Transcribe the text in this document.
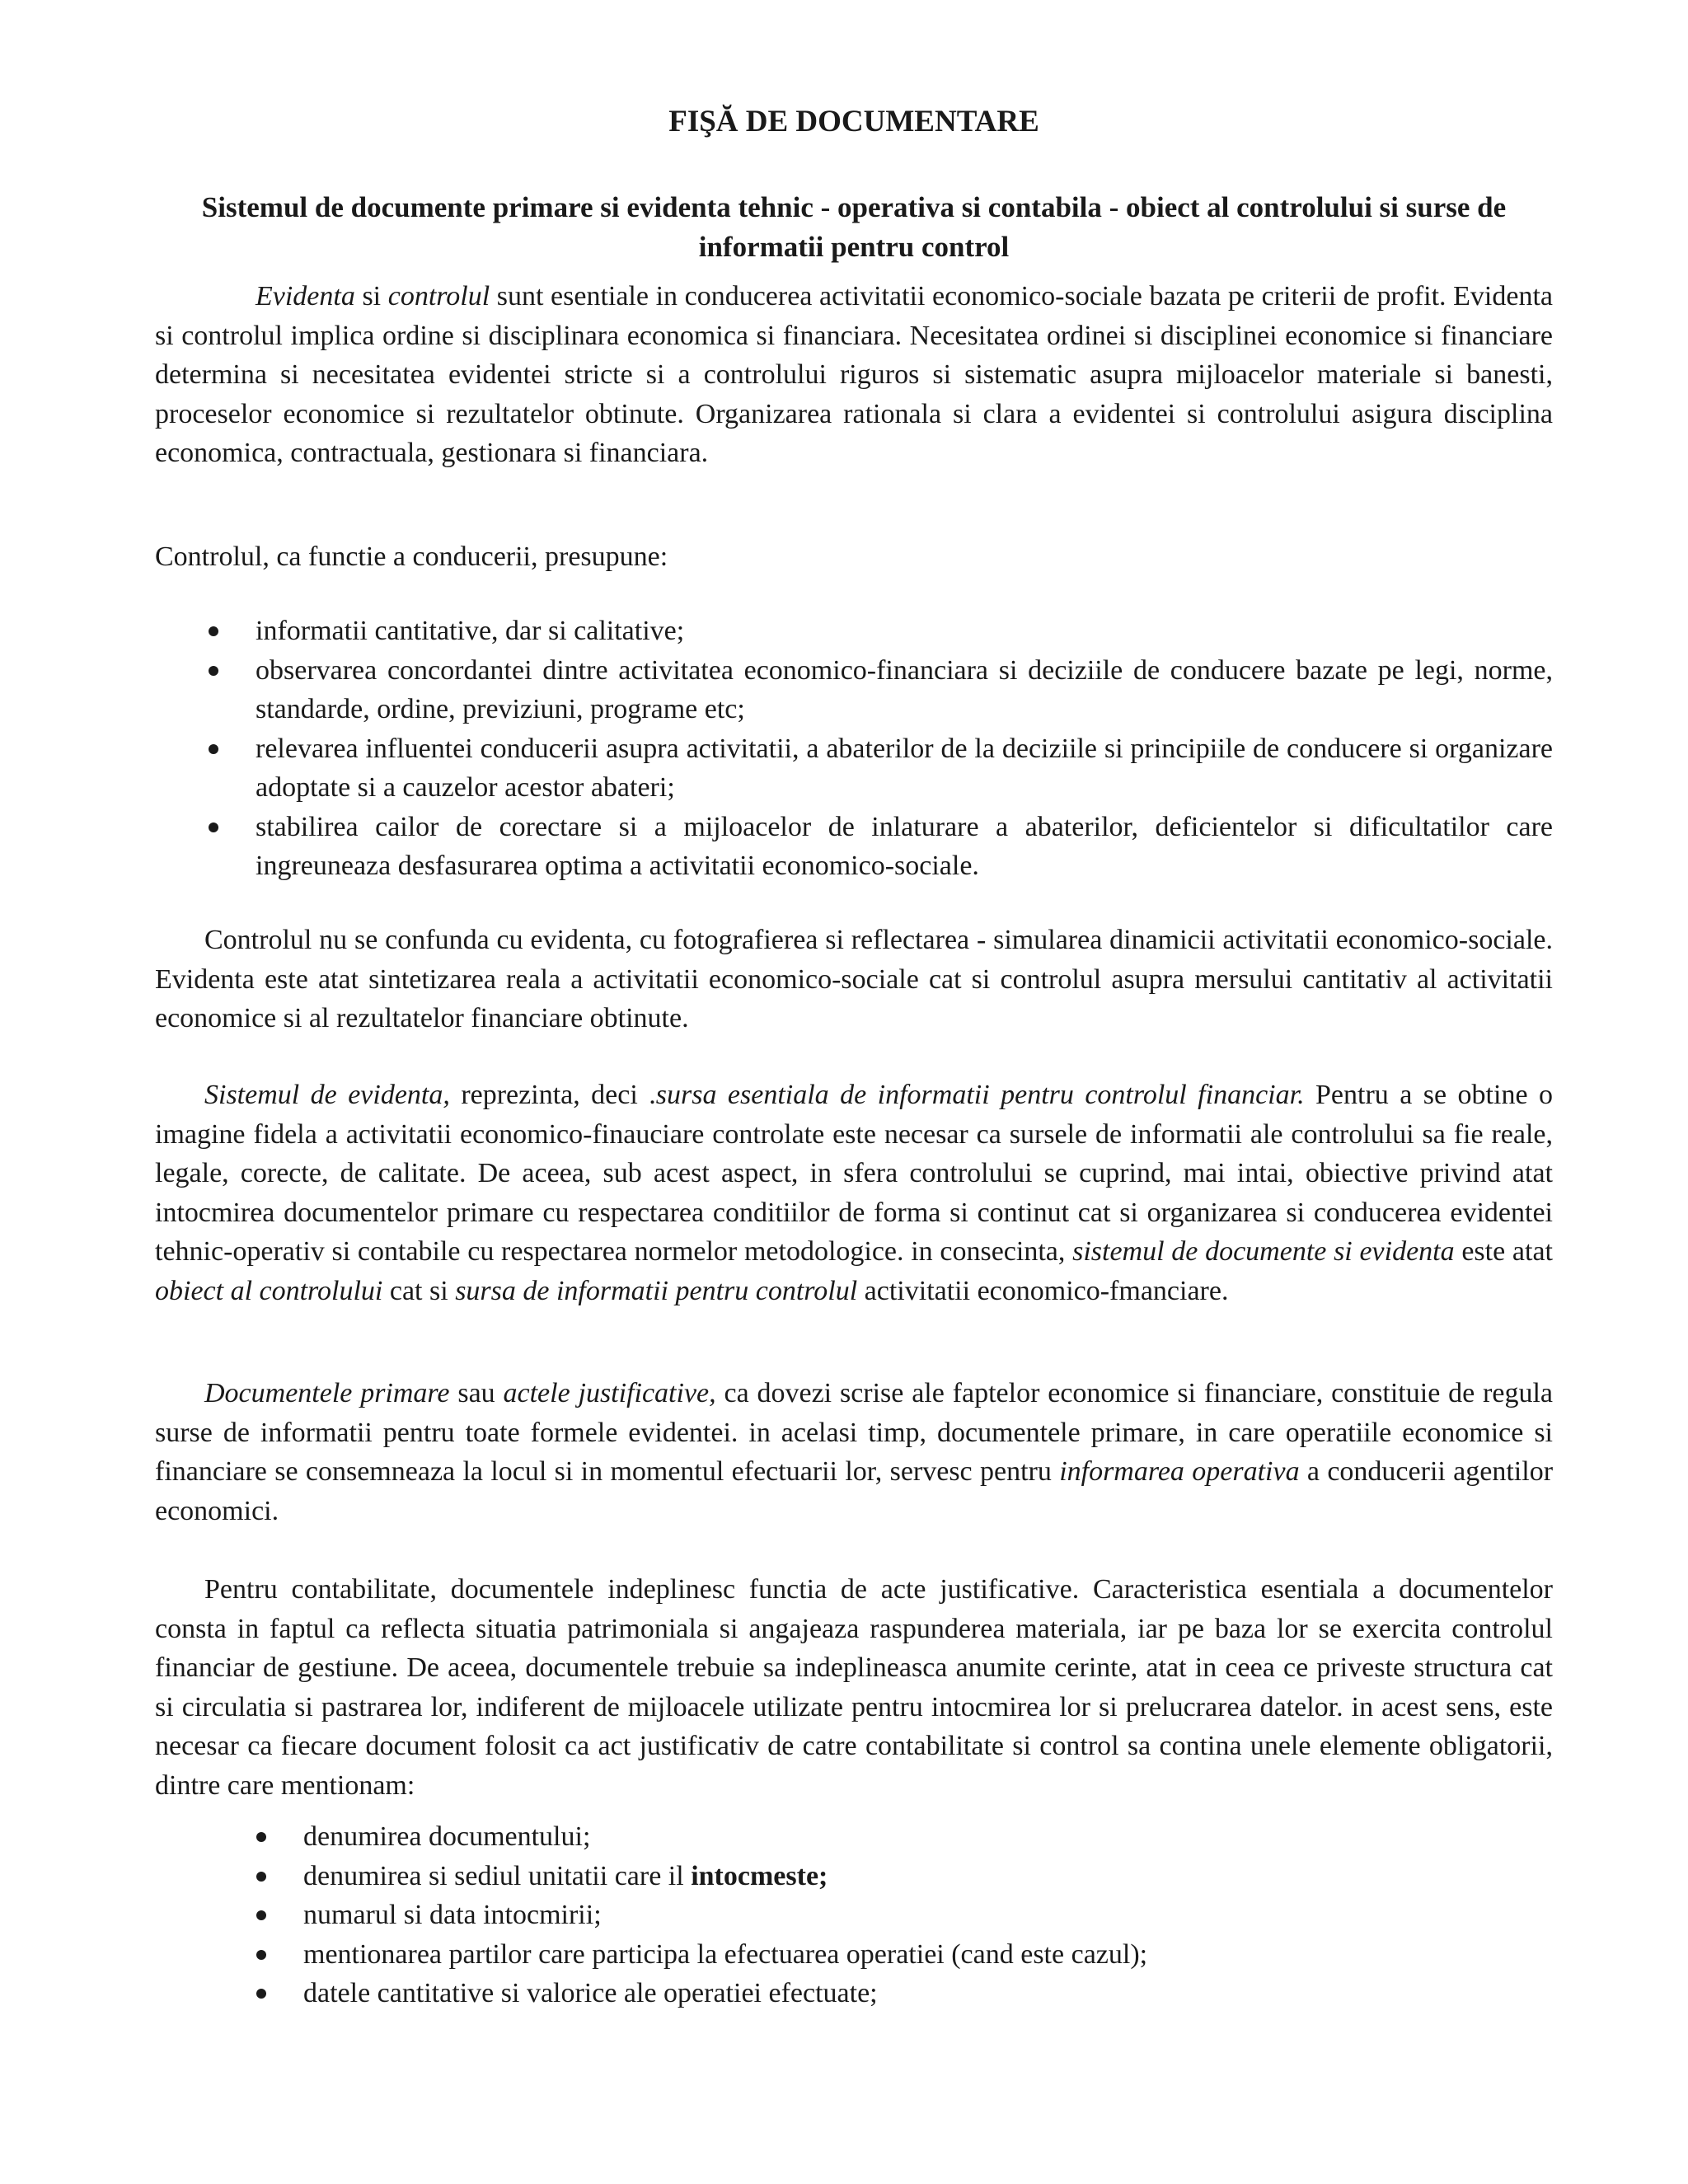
FIŞĂ DE DOCUMENTARE
Sistemul de documente primare si evidenta tehnic - operativa si contabila - obiect al controlului si surse de informatii pentru control

Evidenta si controlul sunt esentiale in conducerea activitatii economico-sociale bazata pe criterii de profit. Evidenta si controlul implica ordine si disciplinara economica si financiara. Necesitatea ordinei si disciplinei economice si financiare determina si necesitatea evidentei stricte si a controlului riguros si sistematic asupra mijloacelor materiale si banesti, proceselor economice si rezultatelor obtinute. Organizarea rationala si clara a evidentei si controlului asigura disciplina economica, contractuala, gestionara si financiara.

Controlul, ca functie a conducerii, presupune:

informatii cantitative, dar si calitative;
observarea concordantei dintre activitatea economico-financiara si deciziile de conducere bazate pe legi, norme, standarde, ordine, previziuni, programe etc;
relevarea influentei conducerii asupra activitatii, a abaterilor de la deciziile si principiile de conducere si organizare adoptate si a cauzelor acestor abateri;
stabilirea cailor de corectare si a mijloacelor de inlaturare a abaterilor, deficientelor si dificultatilor care ingreuneaza desfasurarea optima a activitatii economico-sociale.

Controlul nu se confunda cu evidenta, cu fotografierea si reflectarea - simularea dinamicii activitatii economico-sociale. Evidenta este atat sintetizarea reala a activitatii economico-sociale cat si controlul asupra mersului cantitativ al activitatii economice si al rezultatelor financiare obtinute.

Sistemul de evidenta, reprezinta, deci .sursa esentiala de informatii pentru controlul financiar. Pentru a se obtine o imagine fidela a activitatii economico-finauciare controlate este necesar ca sursele de informatii ale controlului sa fie reale, legale, corecte, de calitate. De aceea, sub acest aspect, in sfera controlului se cuprind, mai intai, obiective privind atat intocmirea documentelor primare cu respectarea conditiilor de forma si continut cat si organizarea si conducerea evidentei tehnic-operativ si contabile cu respectarea normelor metodologice. in consecinta, sistemul de documente si evidenta este atat obiect al controlului cat si sursa de informatii pentru controlul activitatii economico-fmanciare.

Documentele primare sau actele justificative, ca dovezi scrise ale faptelor economice si financiare, constituie de regula surse de informatii pentru toate formele evidentei. in acelasi timp, documentele primare, in care operatiile economice si financiare se consemneaza la locul si in momentul efectuarii lor, servesc pentru informarea operativa a conducerii agentilor economici.

Pentru contabilitate, documentele indeplinesc functia de acte justificative. Caracteristica esentiala a documentelor consta in faptul ca reflecta situatia patrimoniala si angajeaza raspunderea materiala, iar pe baza lor se exercita controlul financiar de gestiune. De aceea, documentele trebuie sa indeplineasca anumite cerinte, atat in ceea ce priveste structura cat si circulatia si pastrarea lor, indiferent de mijloacele utilizate pentru intocmirea lor si prelucrarea datelor. in acest sens, este necesar ca fiecare document folosit ca act justificativ de catre contabilitate si control sa contina unele elemente obligatorii, dintre care mentionam:

denumirea documentului;
denumirea si sediul unitatii care il intocmeste;
numarul si data intocmirii;
mentionarea partilor care participa la efectuarea operatiei (cand este cazul);
datele cantitative si valorice ale operatiei efectuate;
